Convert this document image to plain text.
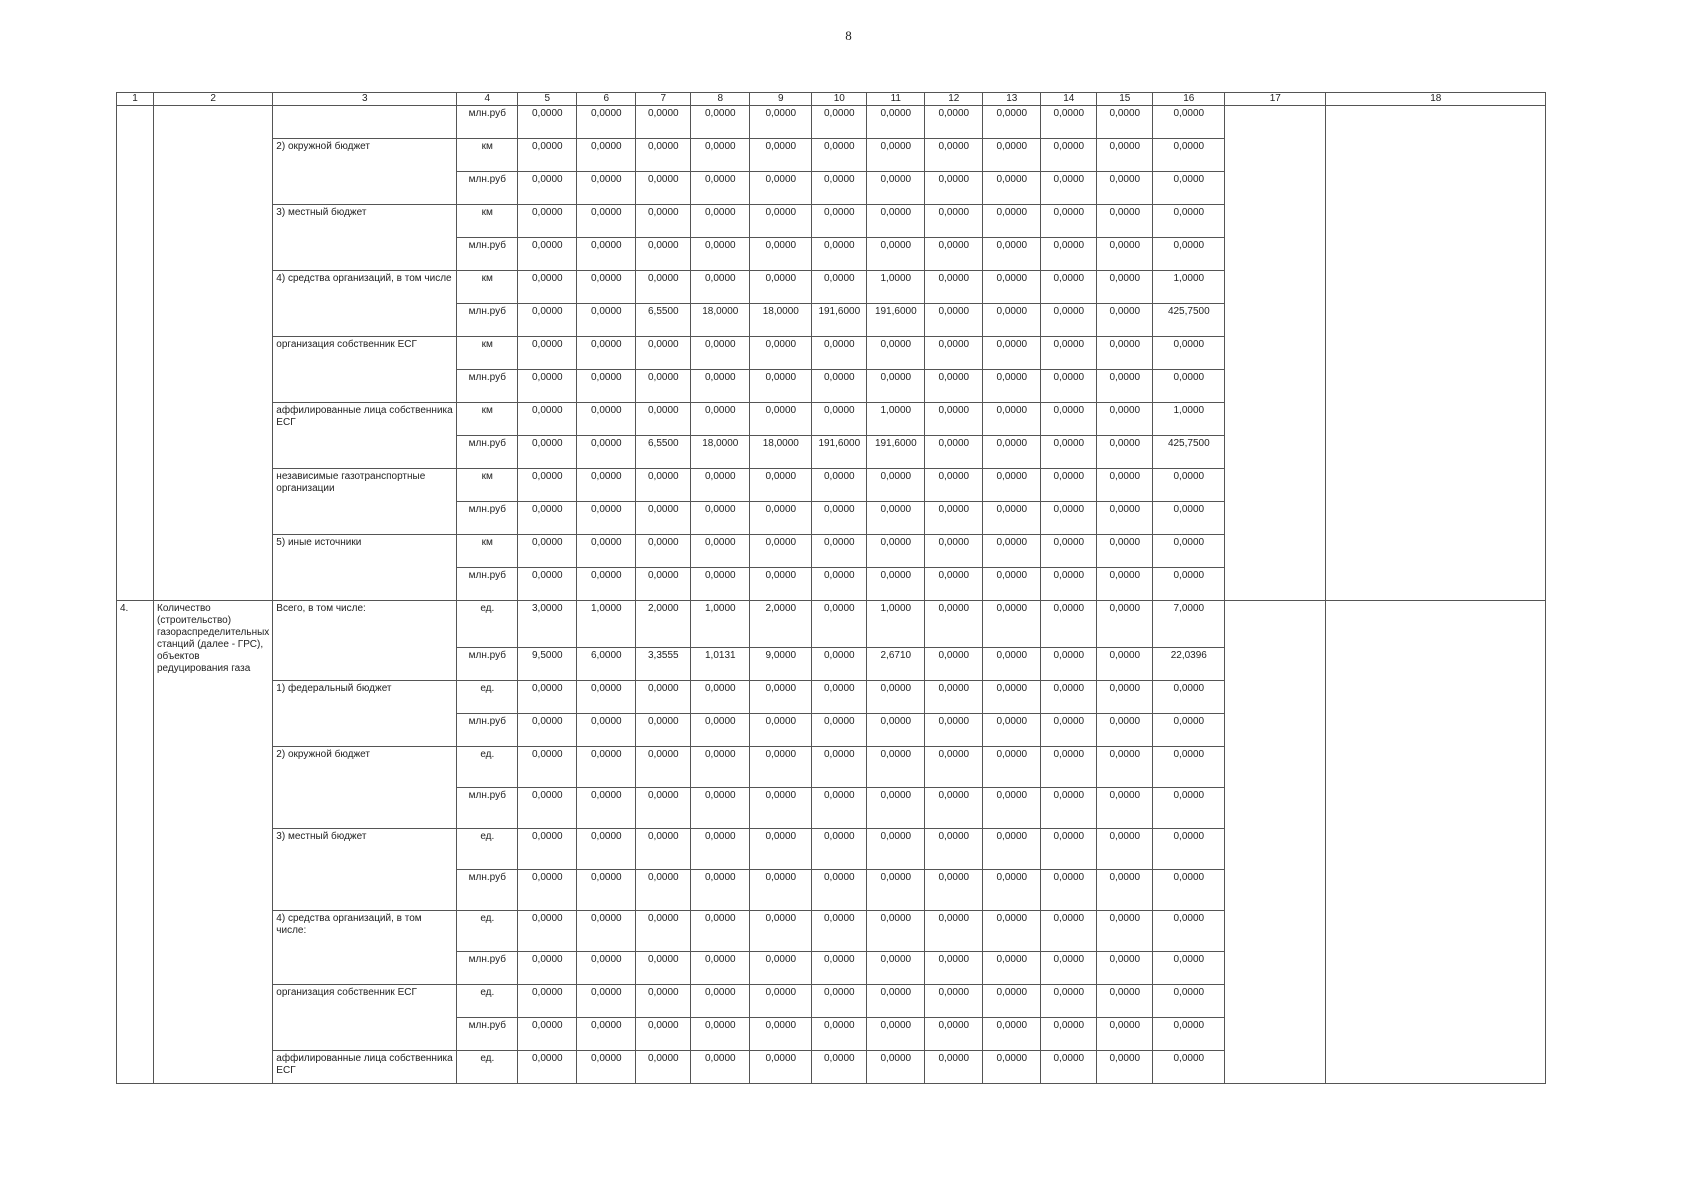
8
1	2	3	4	5	6	7	8	9	10	11	12	13	14	15	16	17	18
			млн.руб	0,0000	0,0000	0,0000	0,0000	0,0000	0,0000	0,0000	0,0000	0,0000	0,0000	0,0000	0,0000		
		2) окружной бюджет	км	0,0000	0,0000	0,0000	0,0000	0,0000	0,0000	0,0000	0,0000	0,0000	0,0000	0,0000	0,0000		
			млн.руб	0,0000	0,0000	0,0000	0,0000	0,0000	0,0000	0,0000	0,0000	0,0000	0,0000	0,0000	0,0000		
		3) местный бюджет	км	0,0000	0,0000	0,0000	0,0000	0,0000	0,0000	0,0000	0,0000	0,0000	0,0000	0,0000	0,0000		
			млн.руб	0,0000	0,0000	0,0000	0,0000	0,0000	0,0000	0,0000	0,0000	0,0000	0,0000	0,0000	0,0000		
		4) средства организаций, в том числе	км	0,0000	0,0000	0,0000	0,0000	0,0000	0,0000	1,0000	0,0000	0,0000	0,0000	0,0000	1,0000		
			млн.руб	0,0000	0,0000	6,5500	18,0000	18,0000	191,6000	191,6000	0,0000	0,0000	0,0000	0,0000	425,7500		
		организация собственник ЕСГ	км	0,0000	0,0000	0,0000	0,0000	0,0000	0,0000	0,0000	0,0000	0,0000	0,0000	0,0000	0,0000		
			млн.руб	0,0000	0,0000	0,0000	0,0000	0,0000	0,0000	0,0000	0,0000	0,0000	0,0000	0,0000	0,0000		
		аффилированные лица собственника ЕСГ	км	0,0000	0,0000	0,0000	0,0000	0,0000	0,0000	1,0000	0,0000	0,0000	0,0000	0,0000	1,0000		
			млн.руб	0,0000	0,0000	6,5500	18,0000	18,0000	191,6000	191,6000	0,0000	0,0000	0,0000	0,0000	425,7500		
		независимые газотранспортные организации	км	0,0000	0,0000	0,0000	0,0000	0,0000	0,0000	0,0000	0,0000	0,0000	0,0000	0,0000	0,0000		
			млн.руб	0,0000	0,0000	0,0000	0,0000	0,0000	0,0000	0,0000	0,0000	0,0000	0,0000	0,0000	0,0000		
		5) иные источники	км	0,0000	0,0000	0,0000	0,0000	0,0000	0,0000	0,0000	0,0000	0,0000	0,0000	0,0000	0,0000		
			млн.руб	0,0000	0,0000	0,0000	0,0000	0,0000	0,0000	0,0000	0,0000	0,0000	0,0000	0,0000	0,0000		
4.	Количество (строительство) газораспределительных станций (далее - ГРС), объектов редуцирования газа	Всего, в том числе:	ед.	3,0000	1,0000	2,0000	1,0000	2,0000	0,0000	1,0000	0,0000	0,0000	0,0000	0,0000	7,0000		
			млн.руб	9,5000	6,0000	3,3555	1,0131	9,0000	0,0000	2,6710	0,0000	0,0000	0,0000	0,0000	22,0396		
		1) федеральный бюджет	ед.	0,0000	0,0000	0,0000	0,0000	0,0000	0,0000	0,0000	0,0000	0,0000	0,0000	0,0000	0,0000		
			млн.руб	0,0000	0,0000	0,0000	0,0000	0,0000	0,0000	0,0000	0,0000	0,0000	0,0000	0,0000	0,0000		
		2) окружной бюджет	ед.	0,0000	0,0000	0,0000	0,0000	0,0000	0,0000	0,0000	0,0000	0,0000	0,0000	0,0000	0,0000		
			млн.руб	0,0000	0,0000	0,0000	0,0000	0,0000	0,0000	0,0000	0,0000	0,0000	0,0000	0,0000	0,0000		
		3) местный бюджет	ед.	0,0000	0,0000	0,0000	0,0000	0,0000	0,0000	0,0000	0,0000	0,0000	0,0000	0,0000	0,0000		
			млн.руб	0,0000	0,0000	0,0000	0,0000	0,0000	0,0000	0,0000	0,0000	0,0000	0,0000	0,0000	0,0000		
		4) средства организаций, в том числе:	ед.	0,0000	0,0000	0,0000	0,0000	0,0000	0,0000	0,0000	0,0000	0,0000	0,0000	0,0000	0,0000		
			млн.руб	0,0000	0,0000	0,0000	0,0000	0,0000	0,0000	0,0000	0,0000	0,0000	0,0000	0,0000	0,0000		
		организация собственник ЕСГ	ед.	0,0000	0,0000	0,0000	0,0000	0,0000	0,0000	0,0000	0,0000	0,0000	0,0000	0,0000	0,0000		
			млн.руб	0,0000	0,0000	0,0000	0,0000	0,0000	0,0000	0,0000	0,0000	0,0000	0,0000	0,0000	0,0000		
		аффилированные лица собственника ЕСГ	ед.	0,0000	0,0000	0,0000	0,0000	0,0000	0,0000	0,0000	0,0000	0,0000	0,0000	0,0000	0,0000		
